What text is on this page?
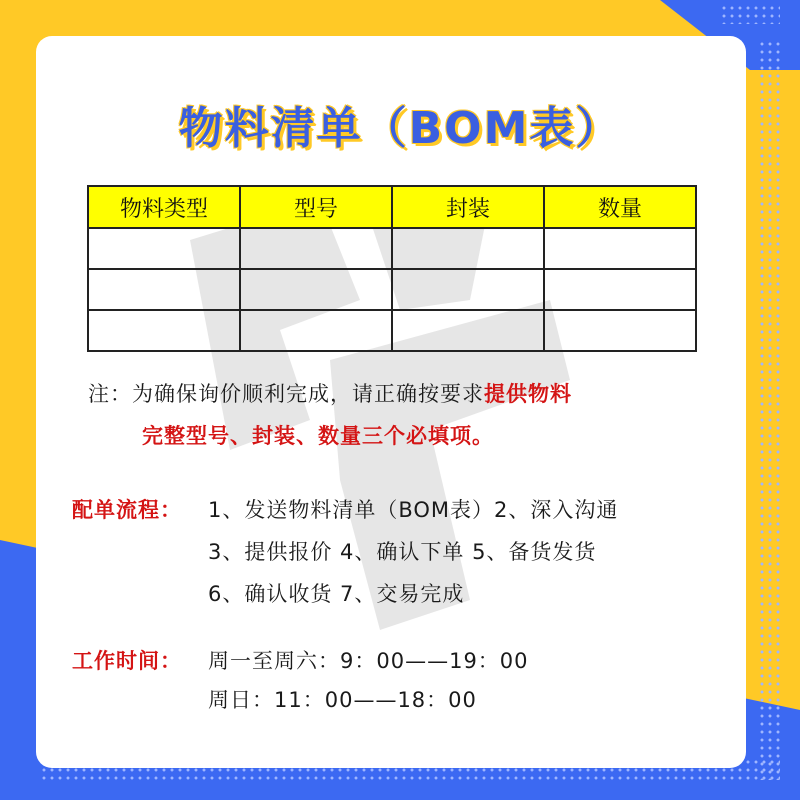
物料清单（BOM表）
物料类型	型号	封装	数量

注：为确保询价顺利完成，请正确按要求提供物料
完整型号、封装、数量三个必填项。
配单流程： 1、发送物料清单（BOM表）2、深入沟通
3、提供报价 4、确认下单 5、备货发货
6、确认收货 7、交易完成
工作时间： 周一至周六：9：00——19：00
周日：11：00——18：00
